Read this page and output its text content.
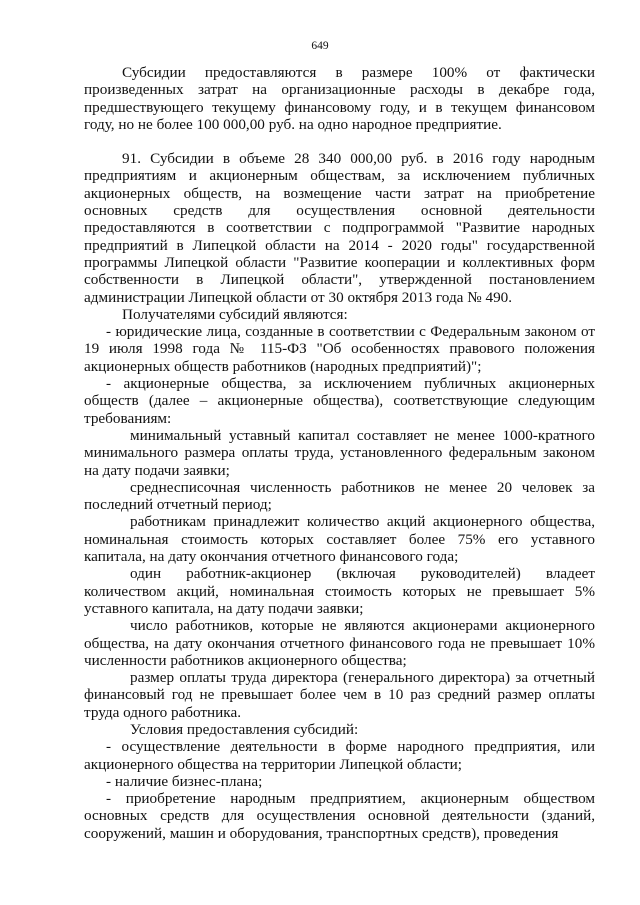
649

Субсидии предоставляются в размере 100% от фактически произведенных затрат на организационные расходы в декабре года, предшествующего текущему финансовому году, и в текущем финансовом году, но не более 100 000,00 руб. на одно народное предприятие.

91. Субсидии в объеме 28 340 000,00 руб. в 2016 году народным предприятиям и акционерным обществам, за исключением публичных акционерных обществ, на возмещение части затрат на приобретение основных средств для осуществления основной деятельности предоставляются в соответствии с подпрограммой "Развитие народных предприятий в Липецкой области на 2014 - 2020 годы" государственной программы Липецкой области "Развитие кооперации и коллективных форм собственности в Липецкой области", утвержденной постановлением администрации Липецкой области от 30 октября 2013 года № 490.

Получателями субсидий являются:

- юридические лица, созданные в соответствии с Федеральным законом от 19 июля 1998 года № 115-ФЗ "Об особенностях правового положения акционерных обществ работников (народных предприятий)";

- акционерные общества, за исключением публичных акционерных обществ (далее – акционерные общества), соответствующие следующим требованиям:

минимальный уставный капитал составляет не менее 1000-кратного минимального размера оплаты труда, установленного федеральным законом на дату подачи заявки;

среднесписочная численность работников не менее 20 человек за последний отчетный период;

работникам принадлежит количество акций акционерного общества, номинальная стоимость которых составляет более 75% его уставного капитала, на дату окончания отчетного финансового года;

один работник-акционер (включая руководителей) владеет количеством акций, номинальная стоимость которых не превышает 5% уставного капитала, на дату подачи заявки;

число работников, которые не являются акционерами акционерного общества, на дату окончания отчетного финансового года не превышает 10% численности работников акционерного общества;

размер оплаты труда директора (генерального директора) за отчетный финансовый год не превышает более чем в 10 раз средний размер оплаты труда одного работника.

Условия предоставления субсидий:

- осуществление деятельности в форме народного предприятия, или акционерного общества на территории Липецкой области;

- наличие бизнес-плана;

- приобретение народным предприятием, акционерным обществом основных средств для осуществления основной деятельности (зданий, сооружений, машин и оборудования, транспортных средств), проведения
